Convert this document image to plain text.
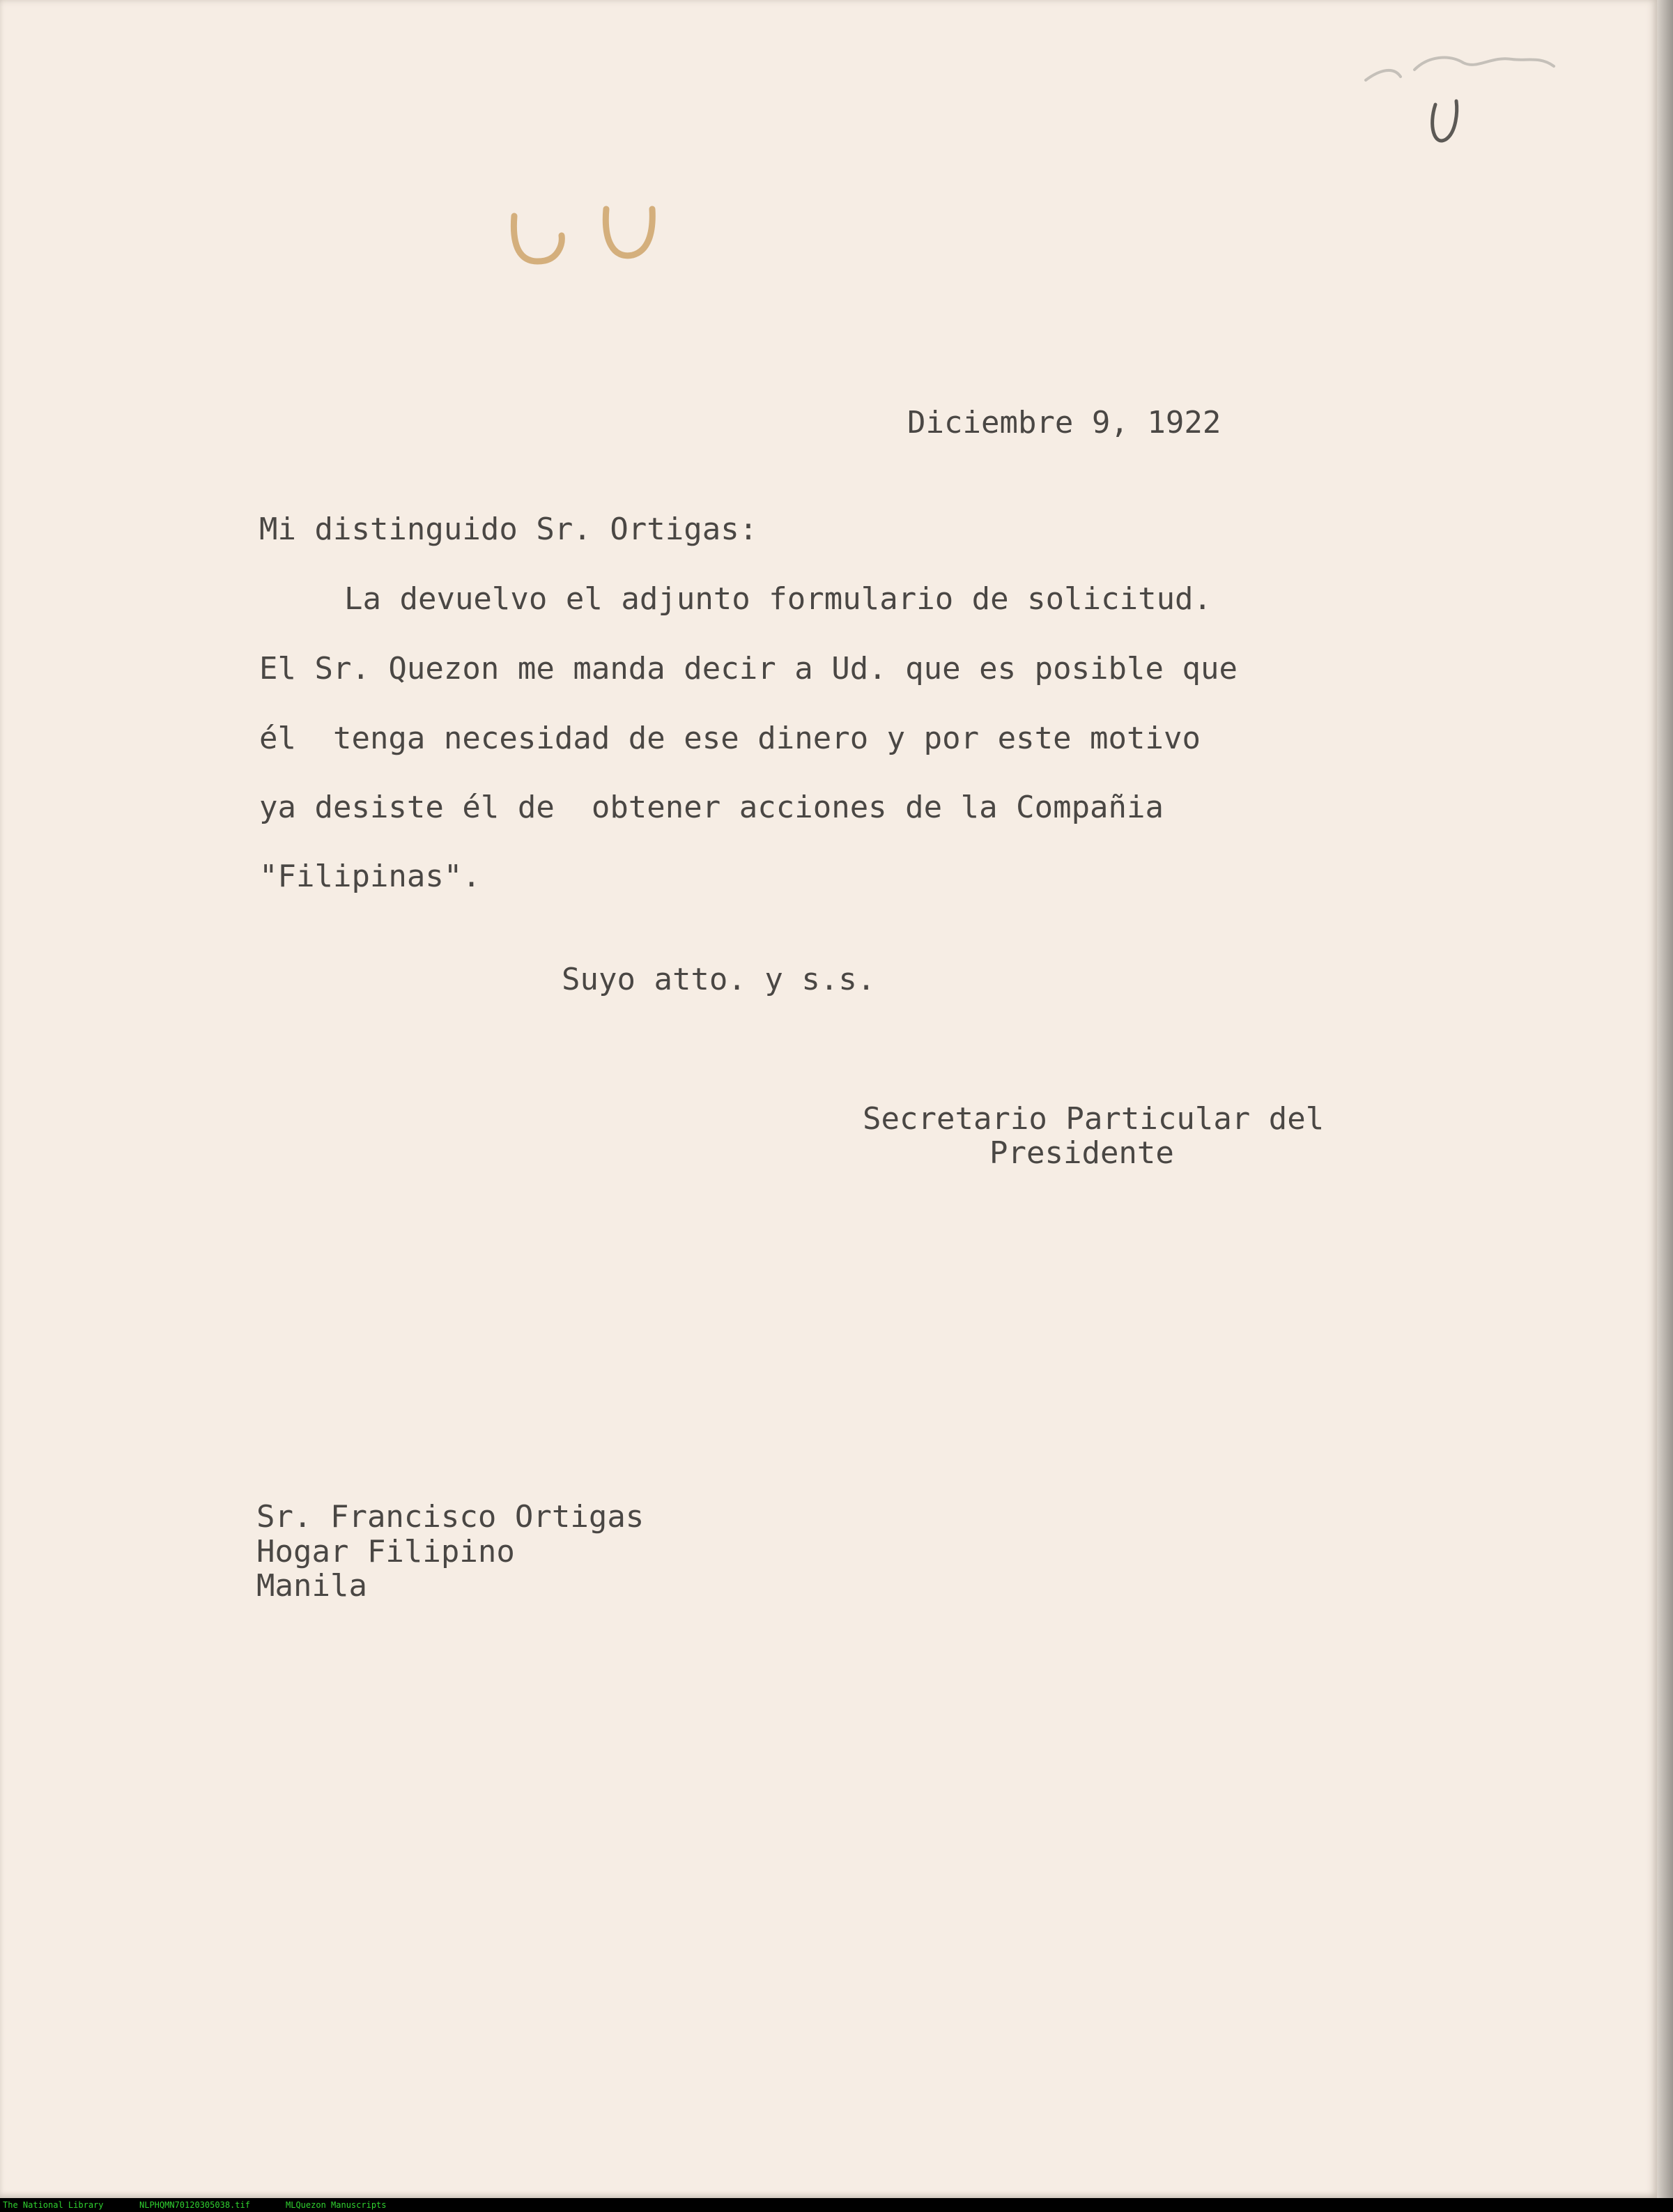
Diciembre 9, 1922

Mi distinguido Sr. Ortigas:

La devuelvo el adjunto formulario de solicitud.

El Sr. Quezon me manda decir a Ud. que es posible que

él  tenga necesidad de ese dinero y por este motivo

ya desiste él de  obtener acciones de la Compañia

"Filipinas".

Suyo atto. y s.s.

Secretario Particular del

Presidente

Sr. Francisco Ortigas

Hogar Filipino

Manila

The National Library	NLPHQMN70120305038.tif	MLQuezon Manuscripts
